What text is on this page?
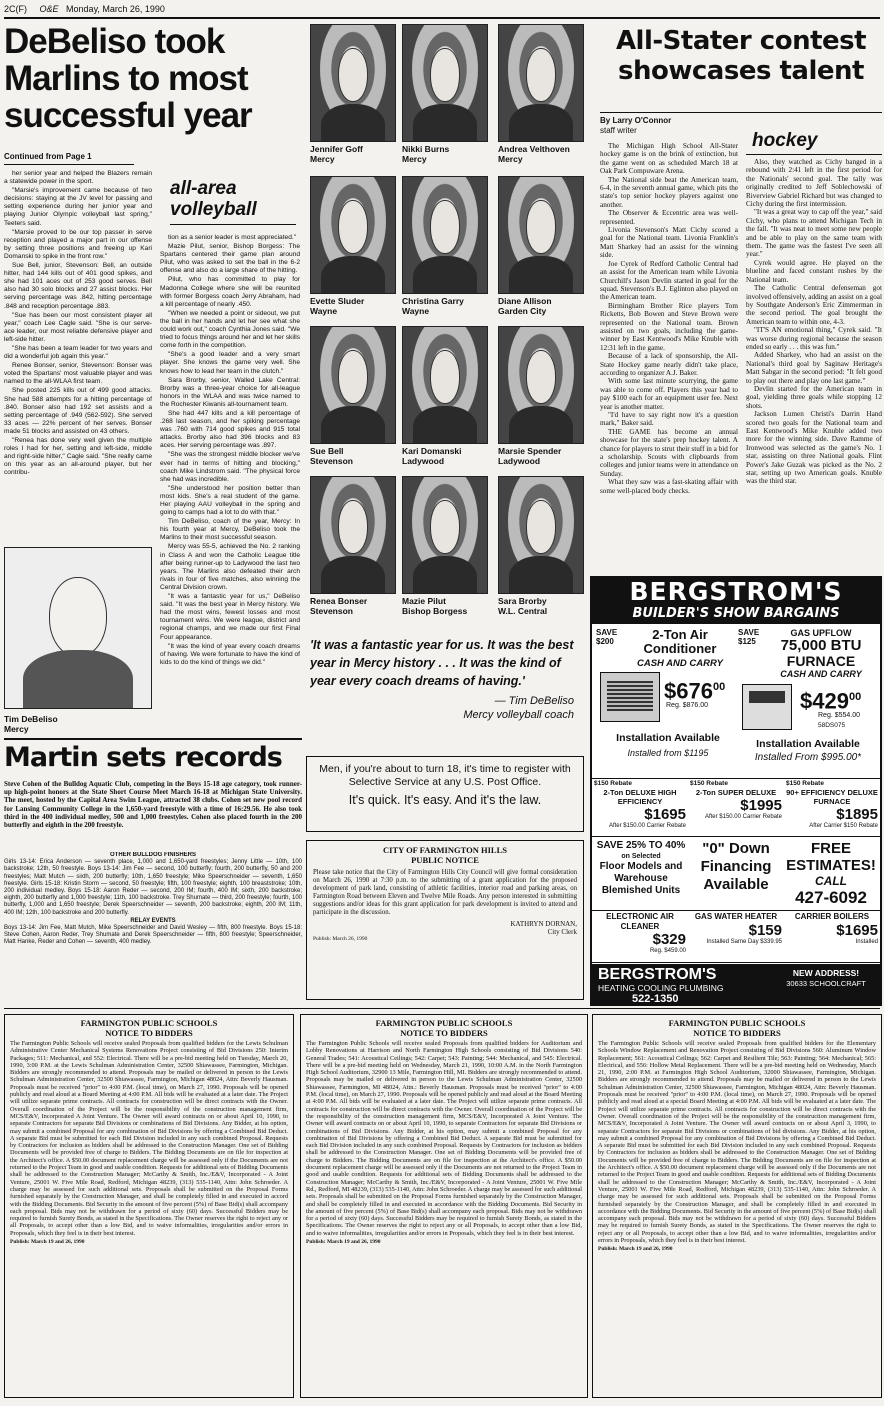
2C(F) O&E Monday, March 26, 1990
DeBeliso took Marlins to most successful year
Continued from Page 1

her senior year and helped the Blazers remain a statewide power in the sport.

"Marsie's improvement came because of two decisions: staying at the JV level for passing and setting experience during her junior year and playing Junior Olympic volleyball last spring," Teeters said.

"Marsie proved to be our top passer in serve reception and played a major part in our offense by setting three positions and freeing up Kari Domanski to spike in the front row."

Sue Bell, junior, Stevenson: Bell, an outside hitter, had 144 kills out of 401 good spikes, and she had 101 aces out of 253 good serves. Bell also had 30 solo blocks and 27 assist blocks. Her serving percentage was .842, hitting percentage .848 and reception percentage .883.

"Sue has been our most consistent player all year," coach Lee Cagle said. "She is our serve-ace leader, our most reliable defensive player and left-side hitter.

"She has been a team leader for two years and did a wonderful job again this year."

Renee Bonser, senior, Stevenson: Bonser was voted the Spartans' most valuable player and was named to the all-WLAA first team.

She posted 225 kills out of 499 good attacks. She had 588 attempts for a hitting percentage of .840. Bonser also had 192 set assists and a setting percentage of .949 (562-592). She served 33 aces — 22% percent of her serves. Bonser made 51 blocks and assisted on 43 others.

"Renea has done very well given the multiple roles I had for her, setting and left-side, middle and right-side hitter," Cagle said. "She really came on this year as an all-around player, but her contribu-

Tim DeBeliso
Mercy
all-area volleyball

tion as a senior leader is most appreciated."

Mazie Pilut, senior, Bishop Borgess: The Spartans centered their game plan around Pilut, who was asked to set the ball in the 6-2 offense and also do a large share of the hitting.

Pilut, who has committed to play for Madonna College where she will be reunited with former Borgess coach Jerry Abraham, had a kill percentage of nearly .450.

"When we needed a point or sideout, we put the ball in her hands and let her see what she could work out," coach Cynthia Jones said. "We tried to focus things around her and let her skills come forth in the competition.

"She's a good leader and a very smart player. She knows the game very well. She knows how to lead her team in the clutch."

Sara Brorby, senior, Walled Lake Central: Brorby was a three-year choice for all-league honors in the WLAA and was twice named to the Rochester Kiwanis all-tournament team.

She had 447 kills and a kill percentage of .268 last season, and her spiking percentage was .760 with 714 good spikes and 915 total attacks. Brorby also had 396 blocks and 83 aces. Her serving percentage was .897.

"She was the strongest middle blocker we've ever had in terms of hitting and blocking," coach Mike Lindstrom said. "The physical force she had was incredible.

"She understood her position better than most kids. She's a real student of the game. Her playing AAU volleyball in the spring and going to camps had a lot to do with that."

Tim DeBeliso, coach of the year, Mercy: In his fourth year at Mercy, DeBeliso took the Marlins to their most successful season.

Mercy was 55-5, achieved the No. 2 ranking in Class A and won the Catholic League title after being runner-up to Ladywood the last two years. The Marlins also defeated their arch rivals in four of five matches, also winning the Central Division crown.

"It was a fantastic year for us," DeBeliso said. "It was the best year in Mercy history. We had the most wins, fewest losses and most tournament wins. We were league, district and regional champs, and we made our first Final Four appearance.

"It was the kind of year every coach dreams of having. We were fortunate to have the kind of kids to do the kind of things we did."

Jennifer Goff
Mercy
Nikki Burns
Mercy
Andrea Velthoven
Mercy
Evette Sluder
Wayne
Christina Garry
Wayne
Diane Allison
Garden City
Sue Bell
Stevenson
Kari Domanski
Ladywood
Marsie Spender
Ladywood
Renea Bonser
Stevenson
Mazie Pilut
Bishop Borgess
Sara Brorby
W.L. Central
'It was a fantastic year for us. It was the best year in Mercy history . . . It was the kind of year every coach dreams of having.'
— Tim DeBeliso
Mercy volleyball coach
Men, if you're about to turn 18, it's time to register with Selective Service at any U.S. Post Office.
It's quick. It's easy. And it's the law.
Martin sets records
Steve Cohen of the Bulldog Aquatic Club, competing in the Boys 15-18 age category, took runner-up high-point honors at the State Short Course Meet March 16-18 at Michigan State University. The meet, hosted by the Capital Area Swim League, attracted 38 clubs. Cohen set new pool record for Lansing Community College in the 1,650-yard freestyle with a time of 16:29.56. He also took third in the 400 individual medley, 500 and 1,000 freestyles. Cohen also placed fourth in the 200 butterfly and eighth in the 200 freestyle.
OTHER BULLDOG FINISHERS
Girls 13-14: Erica Anderson — seventh place, 1,000 and 1,650-yard freestyles; Jenny Little — 10th, 100 backstroke; 12th, 50 freestyle. Boys 13-14: Jim Fee — second, 100 butterfly; fourth, 200 butterfly, 50 and 200 freestyles; Matt Mutch — sixth, 200 butterfly; 10th, 1,650 freestyle; Mike Speerschneider — seventh, 1,650 freestyle. Girls 15-18: Kristin Storm — second, 50 freestyle; fifth, 100 freestyle; eighth, 100 breaststroke; 10th, 200 individual medley. Boys 15-18: Aaron Reder — second, 200 IM; fourth, 400 IM; sixth, 200 backstroke; eighth, 200 butterfly and 1,000 freestyle; 11th, 100 backstroke. Trey Shumate — third, 200 freestyle; fourth, 100 butterfly, 1,000 and 1,650 freestyle; Derek Speerschneider — seventh, 200 backstroke; eighth, 200 IM; 11th, 400 IM; 12th, 100 backstroke and 200 butterfly.
RELAY EVENTS
Boys 13-14: Jim Fee, Matt Mutch, Mike Speerschneider and David Wesley — fifth, 800 freestyle. Boys 15-18: Steve Cohen, Aaron Reder, Trey Shumate and Derek Speerschneider — fifth, 800 freestyle; Speerschneider, Matt Hanke, Reder and Cohen — seventh, 400 medley.
CITY OF FARMINGTON HILLS
PUBLIC NOTICE
Please take notice that the City of Farmington Hills City Council will give formal consideration on March 26, 1990 at 7:30 p.m. to the submitting of a grant application for the proposed development of park land, consisting of athletic facilities, interior road and parking areas, on Farmington Road between Eleven and Twelve Mile Roads. Any person interested in submitting suggestions and/or ideas for this grant application for park development is invited to attend and participate in the discussion.
KATHRYN DORNAN,
City Clerk
Publish: March 26, 1990
All-Stater contest showcases talent
By Larry O'Connor
staff writer

The Michigan High School All-Stater hockey game is on the brink of extinction, but the game went on as scheduled March 18 at Oak Park Compuware Arena.

The National side beat the American team, 6-4, in the seventh annual game, which pits the state's top senior hockey players against one another.

The Observer & Eccentric area was well-represented.

Livonia Stevenson's Matt Cichy scored a goal for the National team. Livonia Franklin's Matt Sharkey had an assist for the winning side.

Joe Cyrek of Redford Catholic Central had an assist for the American team while Livonia Churchill's Jason Devlin started in goal for the squad. Stevenson's B.J. Eglinton also played on the American team.

Birmingham Brother Rice players Tom Ricketts, Bob Bowen and Steve Brown were represented on the National team. Brown assisted on two goals, including the game-winner by East Kentwood's Mike Knuble with 12:31 left in the game.

Because of a lack of sponsorship, the All-State Hockey game nearly didn't take place, according to organizer A.J. Baker.

With some last minute scurrying, the game was able to come off. Players this year had to pay $100 each for an equipment user fee. Next year is another matter.

"I'd have to say right now it's a question mark," Baker said.

THE GAME has become an annual showcase for the state's prep hockey talent. A chance for players to strut their stuff in a bid for a scholarship. Scouts with clipboards from colleges and junior teams were in attendance on Sunday.

What they saw was a fast-skating affair with some well-placed body checks.

hockey

Also, they watched as Cichy banged in a rebound with 2:41 left in the first period for the Nationals' second goal. The tally was originally credited to Jeff Soblechowski of Riverview Gabriel Richard but was changed to Cichy during the first intermission.

"It was a great way to cap off the year," said Cichy, who plans to attend Michigan Tech in the fall. "It was neat to meet some new people and be able to play on the same team with them. The game was the fastest I've seen all year."

Cyrek would agree. He played on the blueline and faced constant rushes by the National team.

The Catholic Central defenseman got involved offensively, adding an assist on a goal by Southgate Anderson's Eric Zimmerman in the second period. The goal brought the American team to within one, 4-3.

"IT'S AN emotional thing," Cyrek said. "It was worse during regional because the season ended so early . . . this was fun."

Added Sharkey, who had an assist on the National's third goal by Saginaw Heritage's Matt Sabgar in the second period: "It felt good to play out there and play one last game."

Devlin started for the American team in goal, yielding three goals while stopping 12 shots.

Jackson Lumen Christi's Darrin Hand scored two goals for the National team and East Kentwood's Mike Knuble added two more for the winning side. Dave Ramme of Ironwood was selected as the game's No. 1 star, assisting on three National goals. Flint Power's Jake Guzak was picked as the No. 2 star, setting up two American goals. Knuble was the third star.

BERGSTROM'S
BUILDER'S SHOW BARGAINS
SAVE $200	2-Ton Air Conditioner
CASH AND CARRY
$\$676^{00}$
Reg. $876.00
Installation Available
Installed from $1195
SAVE $125
GAS UPFLOW
75,000 BTU
FURNACE
CASH AND CARRY
$\$429^{00}$
Reg. $554.00
58DS075
Installation Available
Installed From $995.00*
$150 Rebate
2-Ton DELUXE HIGH EFFICIENCY
$1695
After $150.00 Carrier Rebate
$150 Rebate
2-Ton SUPER DELUXE
$1995
After $150.00 Carrier Rebate
$150 Rebate
90+ EFFICIENCY DELUXE FURNACE
$1895
After Carrier $150 Rebate
SAVE 25% TO 40%
on Selected
Floor Models and Warehouse Blemished Units
"0" Down Financing Available
FREE ESTIMATES!
CALL
427-6092
ELECTRONIC AIR CLEANER
$329
Reg. $459.00
GAS WATER HEATER
$159
Installed Same Day $339.95
CARRIER BOILERS
$1695
Installed
BERGSTROM'S
HEATING COOLING PLUMBING
522-1350
NEW ADDRESS!
30633 SCHOOLCRAFT
FARMINGTON PUBLIC SCHOOLS
NOTICE TO BIDDERS
The Farmington Public Schools will receive sealed Proposals from qualified bidders for the Lewis Schulman Administrative Center Mechanical Systems Renovations Project consisting of Bid Divisions 250: Interim Packages; 511: Mechanical, and 552: Electrical. There will be a pre-bid meeting held on Tuesday, March 20, 1990, 3:00 P.M. at the Lewis Schulman Administration Center, 32500 Shiawassee, Farmington, Michigan. Bidders are strongly recommended to attend. Proposals may be mailed or delivered in person to the Lewis Schulman Administration Center, 32500 Shiawassee, Farmington, Michigan 48024, Attn: Beverly Hausman. Proposals must be received "prior" to 4:00 P.M. (local time), on March 27, 1990. Proposals will be opened publicly and read aloud at a Board Meeting at 4:00 P.M. All bids will be evaluated at a later date. The Project will utilize separate prime contracts. All contracts for construction will be direct contracts with the Owner. Overall coordination of the Project will be the responsibility of the construction management firm, MCS/E&V, Incorporated A Joint Venture. The Owner will award contracts on or about April 10, 1990, to separate Contractors for separate Bid Divisions or combinations of Bid Divisions. Any Bidder, at his option, may submit a combined Proposal for any combination of Bid Divisions by offering a Combined Bid Deduct. A separate Bid must be submitted for each Bid Division included in any such combined Proposal. Requests by Contractors for inclusion as bidders shall be addressed to the Construction Manager. One set of Bidding Documents will be provided free of charge to Bidders. The Bidding Documents are on file for inspection at the Architect's office. A $50.00 document replacement charge will be assessed only if the Documents are not returned to the Project Team in good and usable condition. Requests for additional sets of Bidding Documents shall be addressed to the Construction Manager; McCarthy & Smith, Inc./E&V, Incorporated - A Joint Venture, 25001 W. Five Mile Road, Redford, Michigan 48239, (313) 535-1140, Attn: John Schroeder. A charge may be assessed for such additional sets. Proposals shall be submitted on the Proposal Forms furnished separately by the Construction Manager, and shall be completely filled in and executed in accord with the Bidding Documents. Bid Security in the amount of five percent (5%) of Base Bid(s) shall accompany each proposal. Bids may not be withdrawn for a period of sixty (60) days. Successful Bidders may be required to furnish Surety Bonds, as stated in the Specifications. The Owner reserves the right to reject any or all Proposals, to accept other than a low Bid, and to waive informalities, irregularities and/or errors in Proposals, which they feel is in their best interest.
Publish: March 19 and 26, 1990
FARMINGTON PUBLIC SCHOOLS
NOTICE TO BIDDERS
The Farmington Public Schools will receive sealed Proposals from qualified bidders for Auditorium and Lobby Renovations at Harrison and North Farmington High Schools consisting of Bid Divisions 540: General Trades; 541: Acoustical Ceilings; 542: Carpet; 543: Painting; 544: Mechanical, and 545: Electrical. There will be a pre-bid meeting held on Wednesday, March 21, 1990, 10:00 A.M. in the North Farmington High School Auditorium, 32900 13 Mile, Farmington Hill, MI. Bidders are strongly recommended to attend. Proposals may be mailed or delivered in person to the Lewis Schulman Administration Center, 32500 Shiawassee, Farmington, MI 48024, Attn.: Beverly Hausman. Proposals must be received "prior" to 4:00 P.M. (local time), on March 27, 1990. Proposals will be opened publicly and read aloud at the Board Meeting at 4:00 P.M. All bids will be evaluated at a later date. The Project will utilize separate prime contracts. All contracts for construction will be direct contracts with the Owner. Overall coordination of the Project will be the responsibility of the construction management firm, MCS/E&V, Incorporated A Joint Venture. The Owner will award contracts on or about April 10, 1990, to separate Contractors for separate Bid Divisions or combinations of Bid Divisions. Any Bidder, at his option, may submit a combined Proposal for any combination of Bid Divisions by offering a Combined Bid Deduct. A separate Bid must be submitted for each Bid Division included in any such combined Proposal. Requests by Contractors for inclusion as bidders shall be addressed to the Construction Manager. One set of Bidding Documents will be provided free of charge to Bidders. The Bidding Documents are on file for inspection at the Architect's office. A $50.00 document replacement charge will be assessed only if the Documents are not returned to the Project Team in good and usable condition. Requests for additional sets of Bidding Documents shall be addressed to the Construction Manager; McCarthy & Smith, Inc./E&V, Incorporated - A Joint Venture, 25001 W. Five Mile Rd., Redford, MI 48239, (313) 535-1140, Attn: John Schroeder. A charge may be assessed for such additional sets. Proposals shall be submitted on the Proposal Forms furnished separately by the Construction Manager, and shall be completely filled in and executed in accordance with the Bidding Documents. Bid Security in the amount of five percent (5%) of Base Bid(s) shall accompany each proposal. Bids may not be withdrawn for a period of sixty (60) days. Successful Bidders may be required to furnish Surety Bonds, as stated in the Specifications. The Owner reserves the right to reject any or all Proposals, to accept other than a low Bid, and to waive informalities, irregularities and/or errors in Proposals, which they feel is in their best interest.
Publish: March 19 and 26, 1990
FARMINGTON PUBLIC SCHOOLS
NOTICE TO BIDDERS
The Farmington Public Schools will receive sealed Proposals from qualified bidders for the Elementary Schools Window Replacement and Renovation Project consisting of Bid Divisions 560: Aluminum Window Replacement; 561: Acoustical Ceilings; 562: Carpet and Resilient Tile; 563: Painting; 564: Mechanical; 565: Electrical, and 556: Hollow Metal Replacement. There will be a pre-bid meeting held on Wednesday, March 21, 1990, 2:00 P.M. at Farmington High School Auditorium, 32000 Shiawassee, Farmington, Michigan. Bidders are strongly recommended to attend. Proposals may be mailed or delivered in person to the Lewis Schulman Administration Center, 32500 Shiawassee, Farmington, Michigan 48024, Attn: Beverly Hausman. Proposals must be received "prior" to 4:00 P.M. (local time), on March 27, 1990. Proposals will be opened publicly and read aloud at a special Board Meeting at 4:00 P.M. All bids will be evaluated at a later date. The Project will utilize separate prime contracts. All contracts for construction will be direct contracts with the Owner. Overall coordination of the Project will be the responsibility of the construction management firm, MCS/E&V, Incorporated A Joint Venture. The Owner will award contracts on or about April 3, 1990, to separate Contractors for separate Bid Divisions or combinations of bid divisions. Any Bidder, at his option, may submit a combined Proposal for any combination of Bid Divisions by offering a Combined Bid Deduct. A separate Bid must be submitted for each Bid Division included in any such combined Proposal. Requests by Contractors for inclusion as bidders shall be addressed to the Construction Manager. One set of Bidding Documents will be provided free of charge to Bidders. The Bidding Documents are on file for inspection at the Architect's office. A $50.00 document replacement charge will be assessed only if the Documents are not returned to the Project Team in good and usable condition. Requests for additional sets of Bidding Documents shall be addressed to the Construction Manager; McCarthy & Smith, Inc./E&V, Incorporated - A Joint Venture, 25001 W. Five Mile Road, Redford, Michigan 48239, (313) 535-1140, Attn: John Schroeder. A charge may be assessed for such additional sets. Proposals shall be submitted on the Proposal Forms furnished separately by the Construction Manager, and shall be completely filled in and executed in accordance with the Bidding Documents. Bid Security in the amount of five percent (5%) of Base Bid(s) shall accompany each proposal. Bids may not be withdrawn for a period of sixty (60) days. Successful Bidders may be required to furnish Surety Bonds, as stated in the Specifications. The Owner reserves the right to reject any or all Proposals, to accept other than a low Bid, and to waive informalities, irregularities and/or errors in Proposals, which they feel is in their best interest.
Publish: March 19 and 26, 1990
